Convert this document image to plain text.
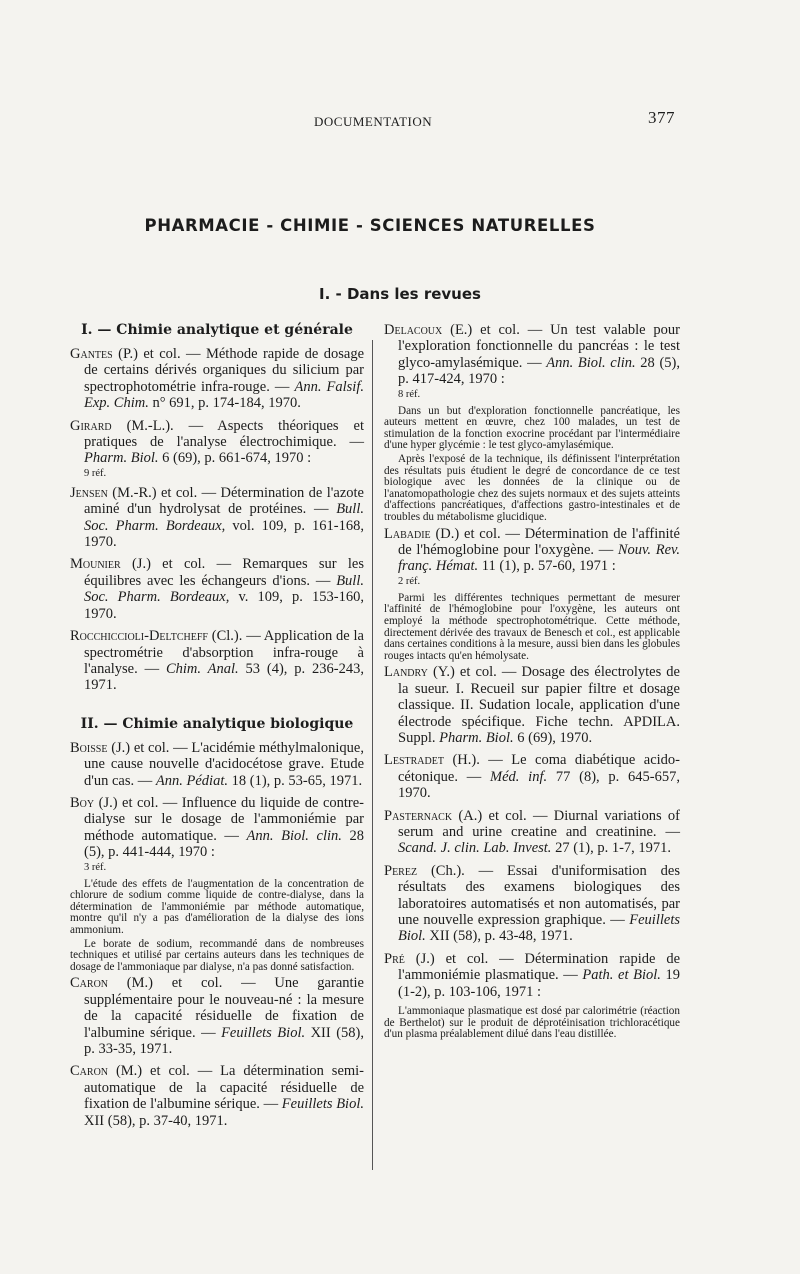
DOCUMENTATION	377
PHARMACIE - CHIMIE - SCIENCES NATURELLES
I. - Dans les revues
I. — Chimie analytique et générale

Gantes (P.) et col. — Méthode rapide de dosage de certains dérivés organiques du silicium par spectrophotométrie infra-rouge. — Ann. Falsif. Exp. Chim. n° 691, p. 174-184, 1970.

Girard (M.-L.). — Aspects théoriques et pratiques de l'analyse électrochimique. — Pharm. Biol. 6 (69), p. 661-674, 1970 :
9 réf.

Jensen (M.-R.) et col. — Détermination de l'azote aminé d'un hydrolysat de protéines. — Bull. Soc. Pharm. Bordeaux, vol. 109, p. 161-168, 1970.

Mounier (J.) et col. — Remarques sur les équilibres avec les échangeurs d'ions. — Bull. Soc. Pharm. Bordeaux, v. 109, p. 153-160, 1970.

Rocchiccioli-Deltcheff (Cl.). — Application de la spectrométrie d'absorption infra-rouge à l'analyse. — Chim. Anal. 53 (4), p. 236-243, 1971.

II. — Chimie analytique biologique

Boisse (J.) et col. — L'acidémie méthylmalonique, une cause nouvelle d'acidocétose grave. Etude d'un cas. — Ann. Pédiat. 18 (1), p. 53-65, 1971.

Boy (J.) et col. — Influence du liquide de contre-dialyse sur le dosage de l'ammoniémie par méthode automatique. — Ann. Biol. clin. 28 (5), p. 441-444, 1970 :
3 réf.

L'étude des effets de l'augmentation de la concentration de chlorure de sodium comme liquide de contre-dialyse, dans la détermination de l'ammoniémie par méthode automatique, montre qu'il n'y a pas d'amélioration de la dialyse des ions ammonium.

Le borate de sodium, recommandé dans de nombreuses techniques et utilisé par certains auteurs dans les techniques de dosage de l'ammoniaque par dialyse, n'a pas donné satisfaction.

Caron (M.) et col. — Une garantie supplémentaire pour le nouveau-né : la mesure de la capacité résiduelle de fixation de l'albumine sérique. — Feuillets Biol. XII (58), p. 33-35, 1971.

Caron (M.) et col. — La détermination semi-automatique de la capacité résiduelle de fixation de l'albumine sérique. — Feuillets Biol. XII (58), p. 37-40, 1971.

Delacoux (E.) et col. — Un test valable pour l'exploration fonctionnelle du pancréas : le test glyco-amylasémique. — Ann. Biol. clin. 28 (5), p. 417-424, 1970 :
8 réf.

Dans un but d'exploration fonctionnelle pancréatique, les auteurs mettent en œuvre, chez 100 malades, un test de stimulation de la fonction exocrine procédant par l'intermédiaire d'une hyper glycémie : le test glyco-amylasémique.

Après l'exposé de la technique, ils définissent l'interprétation des résultats puis étudient le degré de concordance de ce test biologique avec les données de la clinique ou de l'anatomopathologie chez des sujets normaux et des sujets atteints d'affections pancréatiques, d'affections gastro-intestinales et de troubles du métabolisme glucidique.

Labadie (D.) et col. — Détermination de l'affinité de l'hémoglobine pour l'oxygène. — Nouv. Rev. franç. Hémat. 11 (1), p. 57-60, 1971 :
2 réf.

Parmi les différentes techniques permettant de mesurer l'affinité de l'hémoglobine pour l'oxygène, les auteurs ont employé la méthode spectrophotométrique. Cette méthode, directement dérivée des travaux de Benesch et col., est applicable dans certaines conditions à la mesure, aussi bien dans les globules rouges intacts qu'en hémolysate.

Landry (Y.) et col. — Dosage des électrolytes de la sueur. I. Recueil sur papier filtre et dosage classique. II. Sudation locale, application d'une électrode spécifique. Fiche techn. APDILA. Suppl. Pharm. Biol. 6 (69), 1970.

Lestradet (H.). — Le coma diabétique acido-cétonique. — Méd. inf. 77 (8), p. 645-657, 1970.

Pasternack (A.) et col. — Diurnal variations of serum and urine creatine and creatinine. — Scand. J. clin. Lab. Invest. 27 (1), p. 1-7, 1971.

Perez (Ch.). — Essai d'uniformisation des résultats des examens biologiques des laboratoires automatisés et non automatisés, par une nouvelle expression graphique. — Feuillets Biol. XII (58), p. 43-48, 1971.

Pré (J.) et col. — Détermination rapide de l'ammoniémie plasmatique. — Path. et Biol. 19 (1-2), p. 103-106, 1971 :

L'ammoniaque plasmatique est dosé par calorimétrie (réaction de Berthelot) sur le produit de déprotéinisation trichloracétique d'un plasma préalablement dilué dans l'eau distillée.
